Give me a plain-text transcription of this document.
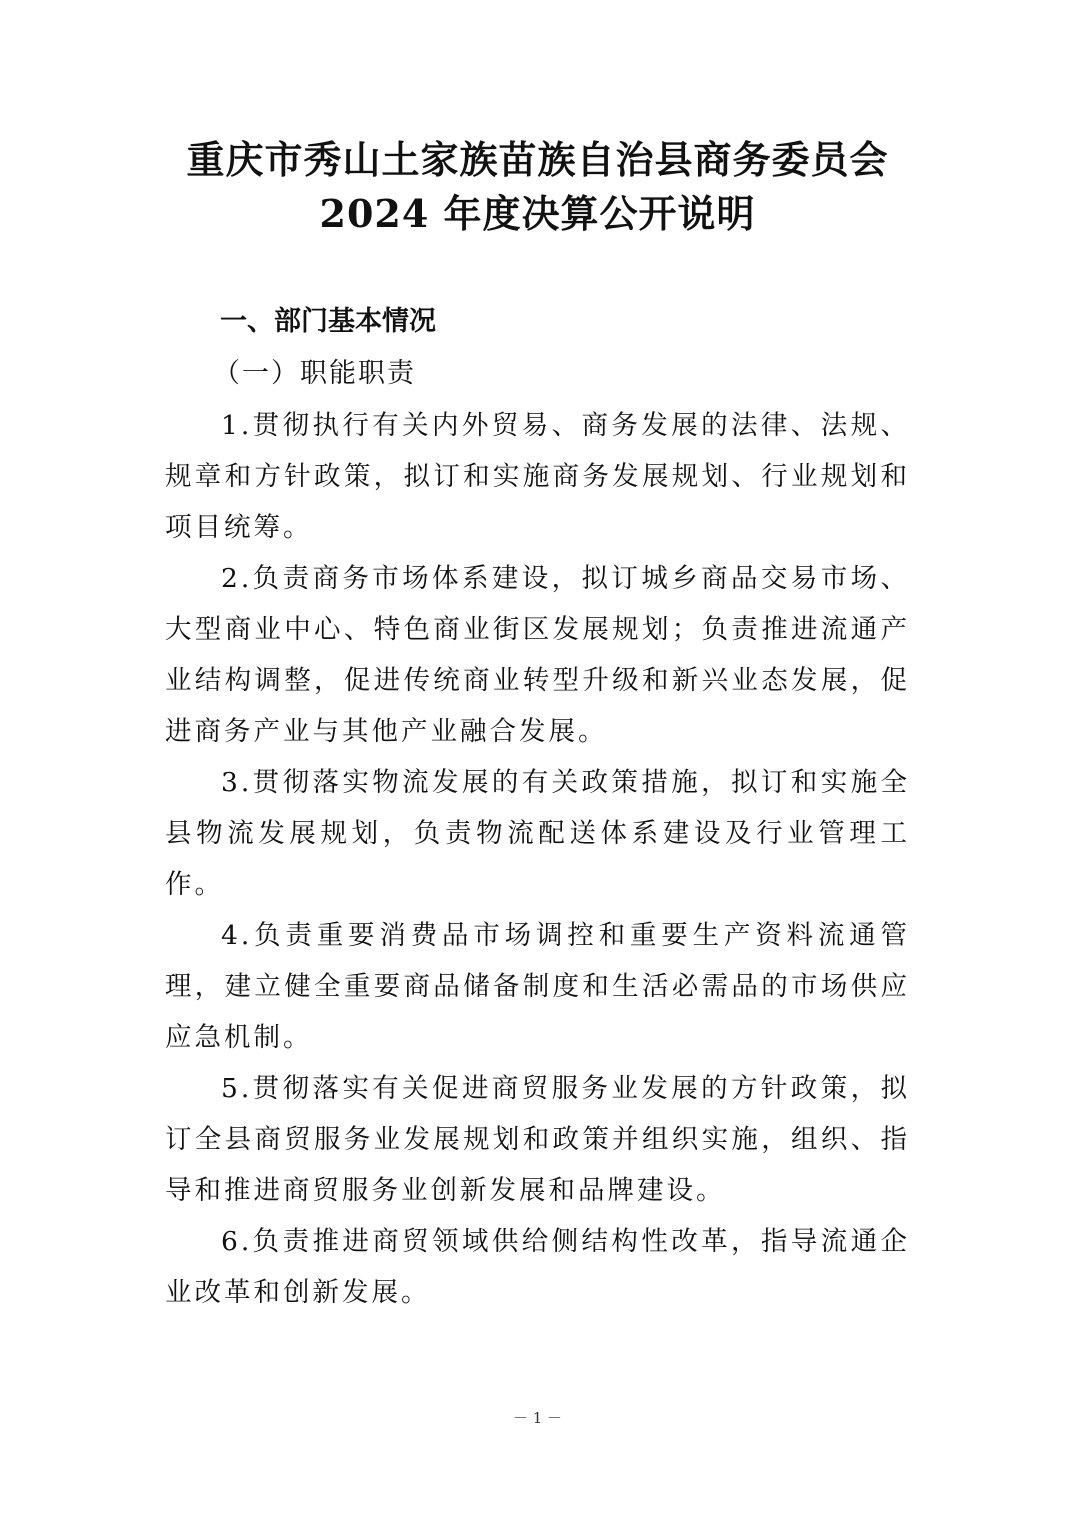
重庆市秀山土家族苗族自治县商务委员会
2024 年度决算公开说明
一、部门基本情况
（一）职能职责

1.贯彻执行有关内外贸易、商务发展的法律、法规、规章和方针政策，拟订和实施商务发展规划、行业规划和项目统筹。

2.负责商务市场体系建设，拟订城乡商品交易市场、大型商业中心、特色商业街区发展规划；负责推进流通产业结构调整，促进传统商业转型升级和新兴业态发展，促进商务产业与其他产业融合发展。

3.贯彻落实物流发展的有关政策措施，拟订和实施全县物流发展规划，负责物流配送体系建设及行业管理工作。

4.负责重要消费品市场调控和重要生产资料流通管理，建立健全重要商品储备制度和生活必需品的市场供应应急机制。

5.贯彻落实有关促进商贸服务业发展的方针政策，拟订全县商贸服务业发展规划和政策并组织实施，组织、指导和推进商贸服务业创新发展和品牌建设。

6.负责推进商贸领域供给侧结构性改革，指导流通企业改革和创新发展。

－ 1 －
